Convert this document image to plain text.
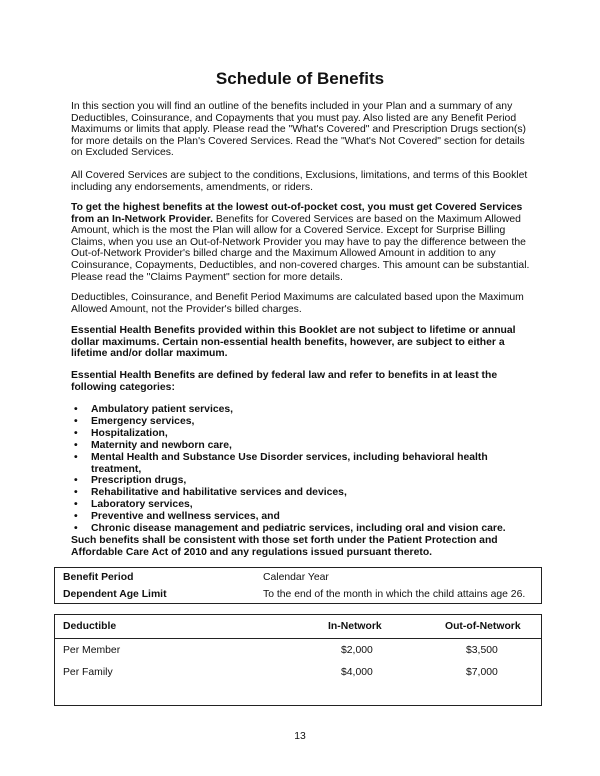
Schedule of Benefits

In this section you will find an outline of the benefits included in your Plan and a summary of any Deductibles, Coinsurance, and Copayments that you must pay. Also listed are any Benefit Period Maximums or limits that apply. Please read the "What's Covered" and Prescription Drugs section(s) for more details on the Plan's Covered Services. Read the "What's Not Covered" section for details on Excluded Services.

All Covered Services are subject to the conditions, Exclusions, limitations, and terms of this Booklet including any endorsements, amendments, or riders.

To get the highest benefits at the lowest out-of-pocket cost, you must get Covered Services from an In-Network Provider. Benefits for Covered Services are based on the Maximum Allowed Amount, which is the most the Plan will allow for a Covered Service. Except for Surprise Billing Claims, when you use an Out-of-Network Provider you may have to pay the difference between the Out-of-Network Provider's billed charge and the Maximum Allowed Amount in addition to any Coinsurance, Copayments, Deductibles, and non-covered charges. This amount can be substantial. Please read the "Claims Payment" section for more details.

Deductibles, Coinsurance, and Benefit Period Maximums are calculated based upon the Maximum Allowed Amount, not the Provider's billed charges.

Essential Health Benefits provided within this Booklet are not subject to lifetime or annual dollar maximums. Certain non-essential health benefits, however, are subject to either a lifetime and/or dollar maximum.

Essential Health Benefits are defined by federal law and refer to benefits in at least the following categories:

• Ambulatory patient services,
• Emergency services,
• Hospitalization,
• Maternity and newborn care,
• Mental Health and Substance Use Disorder services, including behavioral health treatment,
• Prescription drugs,
• Rehabilitative and habilitative services and devices,
• Laboratory services,
• Preventive and wellness services, and
• Chronic disease management and pediatric services, including oral and vision care.

Such benefits shall be consistent with those set forth under the Patient Protection and Affordable Care Act of 2010 and any regulations issued pursuant thereto.

Benefit Period	Calendar Year
Dependent Age Limit	To the end of the month in which the child attains age 26.
Deductible	In-Network	Out-of-Network
Per Member	$2,000	$3,500
Per Family	$4,000	$7,000
13
